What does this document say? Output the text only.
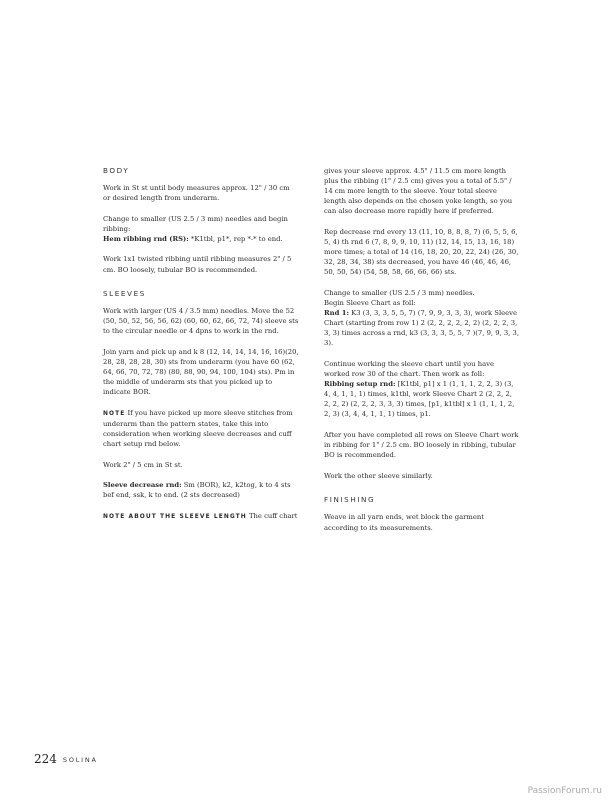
BODY
Work in St st until body measures approx. 12" / 30 cm or desired length from underarm.
Change to smaller (US 2.5 / 3 mm) needles and begin ribbing:
Hem ribbing rnd (RS): *K1tbl, p1*, rep *-* to end.
Work 1x1 twisted ribbing until ribbing measures 2" / 5 cm. BO loosely, tubular BO is recommended.
SLEEVES
Work with larger (US 4 / 3.5 mm) needles. Move the 52 (50, 50, 52, 56, 56, 62) (60, 60, 62, 66, 72, 74) sleeve sts to the circular needle or 4 dpns to work in the rnd.
Join yarn and pick up and k 8 (12, 14, 14, 14, 16, 16)(20, 28, 28, 28, 28, 30) sts from underarm (you have 60 (62, 64, 66, 70, 72, 78) (80, 88, 90, 94, 100, 104) sts). Pm in the middle of underarm sts that you picked up to indicate BOR.
NOTE If you have picked up more sleeve stitches from underarm than the pattern states, take this into consideration when working sleeve decreases and cuff chart setup rnd below.
Work 2" / 5 cm in St st.
Sleeve decrease rnd: Sm (BOR), k2, k2tog, k to 4 sts bef end, ssk, k to end. (2 sts decreased)
NOTE ABOUT THE SLEEVE LENGTH The cuff chart
gives your sleeve approx. 4.5" / 11.5 cm more length plus the ribbing (1" / 2.5 cm) gives you a total of 5.5" / 14 cm more length to the sleeve. Your total sleeve length also depends on the chosen yoke length, so you can also decrease more rapidly here if preferred.
Rep decrease rnd every 13 (11, 10, 8, 8, 8, 7) (6, 5, 5, 6, 5, 4) th rnd 6 (7, 8, 9, 9, 10, 11) (12, 14, 15, 13, 16, 18) more times; a total of 14 (16, 18, 20, 20, 22, 24) (26, 30, 32, 28, 34, 38) sts decreased, you have 46 (46, 46, 46, 50, 50, 54) (54, 58, 58, 66, 66, 66) sts.
Change to smaller (US 2.5 / 3 mm) needles.
Begin Sleeve Chart as foll:
Rnd 1: K3 (3, 3, 3, 5, 5, 7) (7, 9, 9, 3, 3, 3), work Sleeve Chart (starting from row 1) 2 (2, 2, 2, 2, 2, 2) (2, 2, 2, 3, 3, 3) times across a rnd, k3 (3, 3, 3, 5, 5, 7 )(7, 9, 9, 3, 3, 3).
Continue working the sleeve chart until you have worked row 30 of the chart. Then work as foll:
Ribbing setup rnd: [K1tbl, p1] x 1 (1, 1, 1, 2, 2, 3) (3, 4, 4, 1, 1, 1) times, k1tbl, work Sleeve Chart 2 (2, 2, 2, 2, 2, 2) (2, 2, 2, 3, 3, 3) times, [p1, k1tbl] x 1 (1, 1, 1, 2, 2, 3) (3, 4, 4, 1, 1, 1) times, p1.
After you have completed all rows on Sleeve Chart work in ribbing for 1" / 2.5 cm. BO loosely in ribbing, tubular BO is recommended.
Work the other sleeve similarly.
FINISHING
Weave in all yarn ends, wet block the garment according to its measurements.
224 SOLINA
PassionForum.ru
